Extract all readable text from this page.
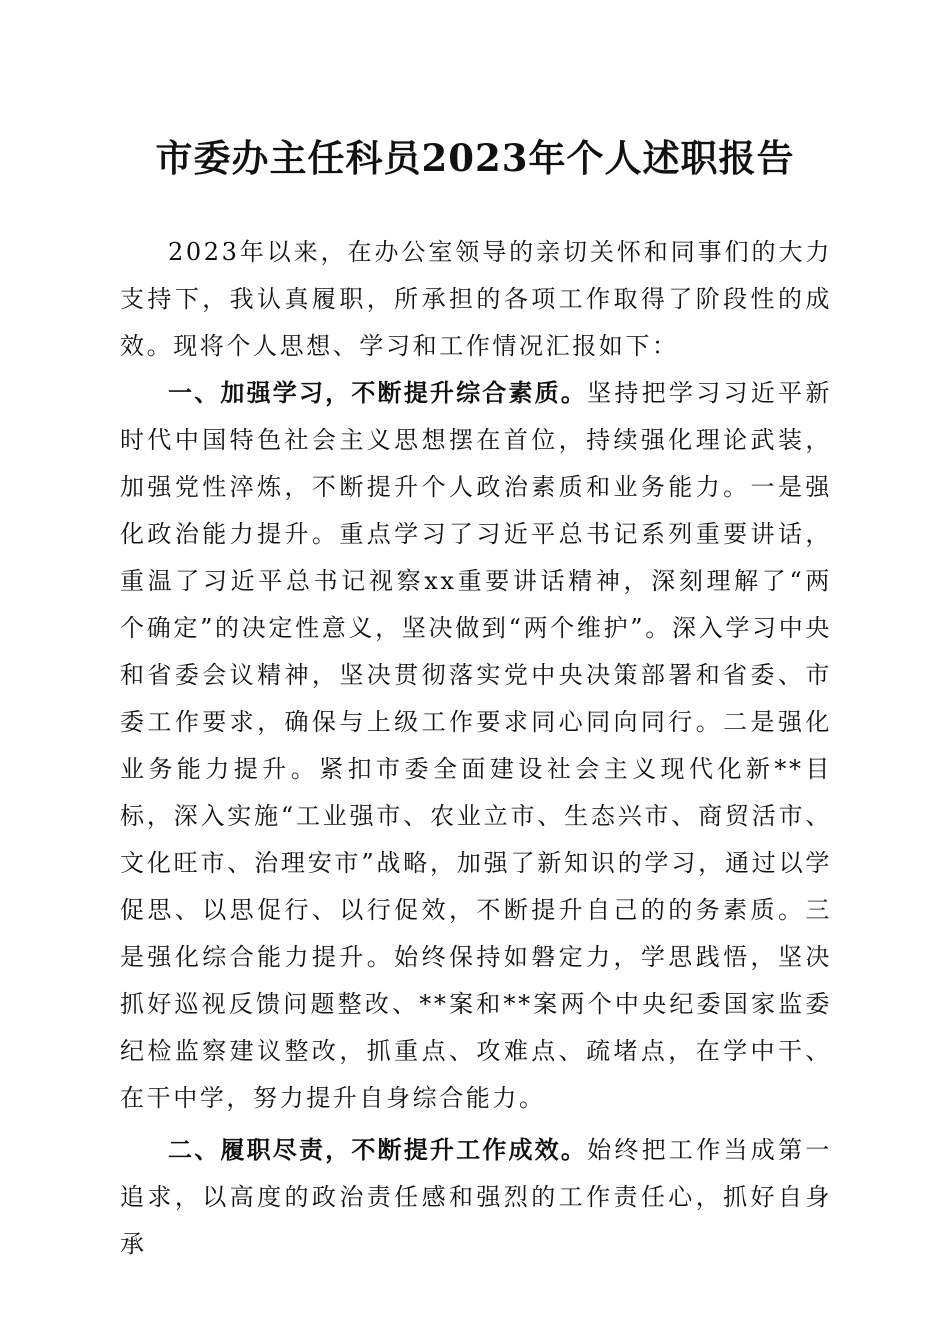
市委办主任科员2023年个人述职报告

2023年以来，在办公室领导的亲切关怀和同事们的大力支持下，我认真履职，所承担的各项工作取得了阶段性的成效。现将个人思想、学习和工作情况汇报如下：

一、加强学习，不断提升综合素质。坚持把学习习近平新时代中国特色社会主义思想摆在首位，持续强化理论武装，加强党性淬炼，不断提升个人政治素质和业务能力。一是强化政治能力提升。重点学习了习近平总书记系列重要讲话，重温了习近平总书记视察xx重要讲话精神，深刻理解了“两个确定”的决定性意义，坚决做到“两个维护”。深入学习中央和省委会议精神，坚决贯彻落实党中央决策部署和省委、市委工作要求，确保与上级工作要求同心同向同行。二是强化业务能力提升。紧扣市委全面建设社会主义现代化新**目标，深入实施“工业强市、农业立市、生态兴市、商贸活市、文化旺市、治理安市”战略，加强了新知识的学习，通过以学促思、以思促行、以行促效，不断提升自己的的务素质。三是强化综合能力提升。始终保持如磐定力，学思践悟，坚决抓好巡视反馈问题整改、**案和**案两个中央纪委国家监委纪检监察建议整改，抓重点、攻难点、疏堵点，在学中干、在干中学，努力提升自身综合能力。

二、履职尽责，不断提升工作成效。始终把工作当成第一追求，以高度的政治责任感和强烈的工作责任心，抓好自身承
